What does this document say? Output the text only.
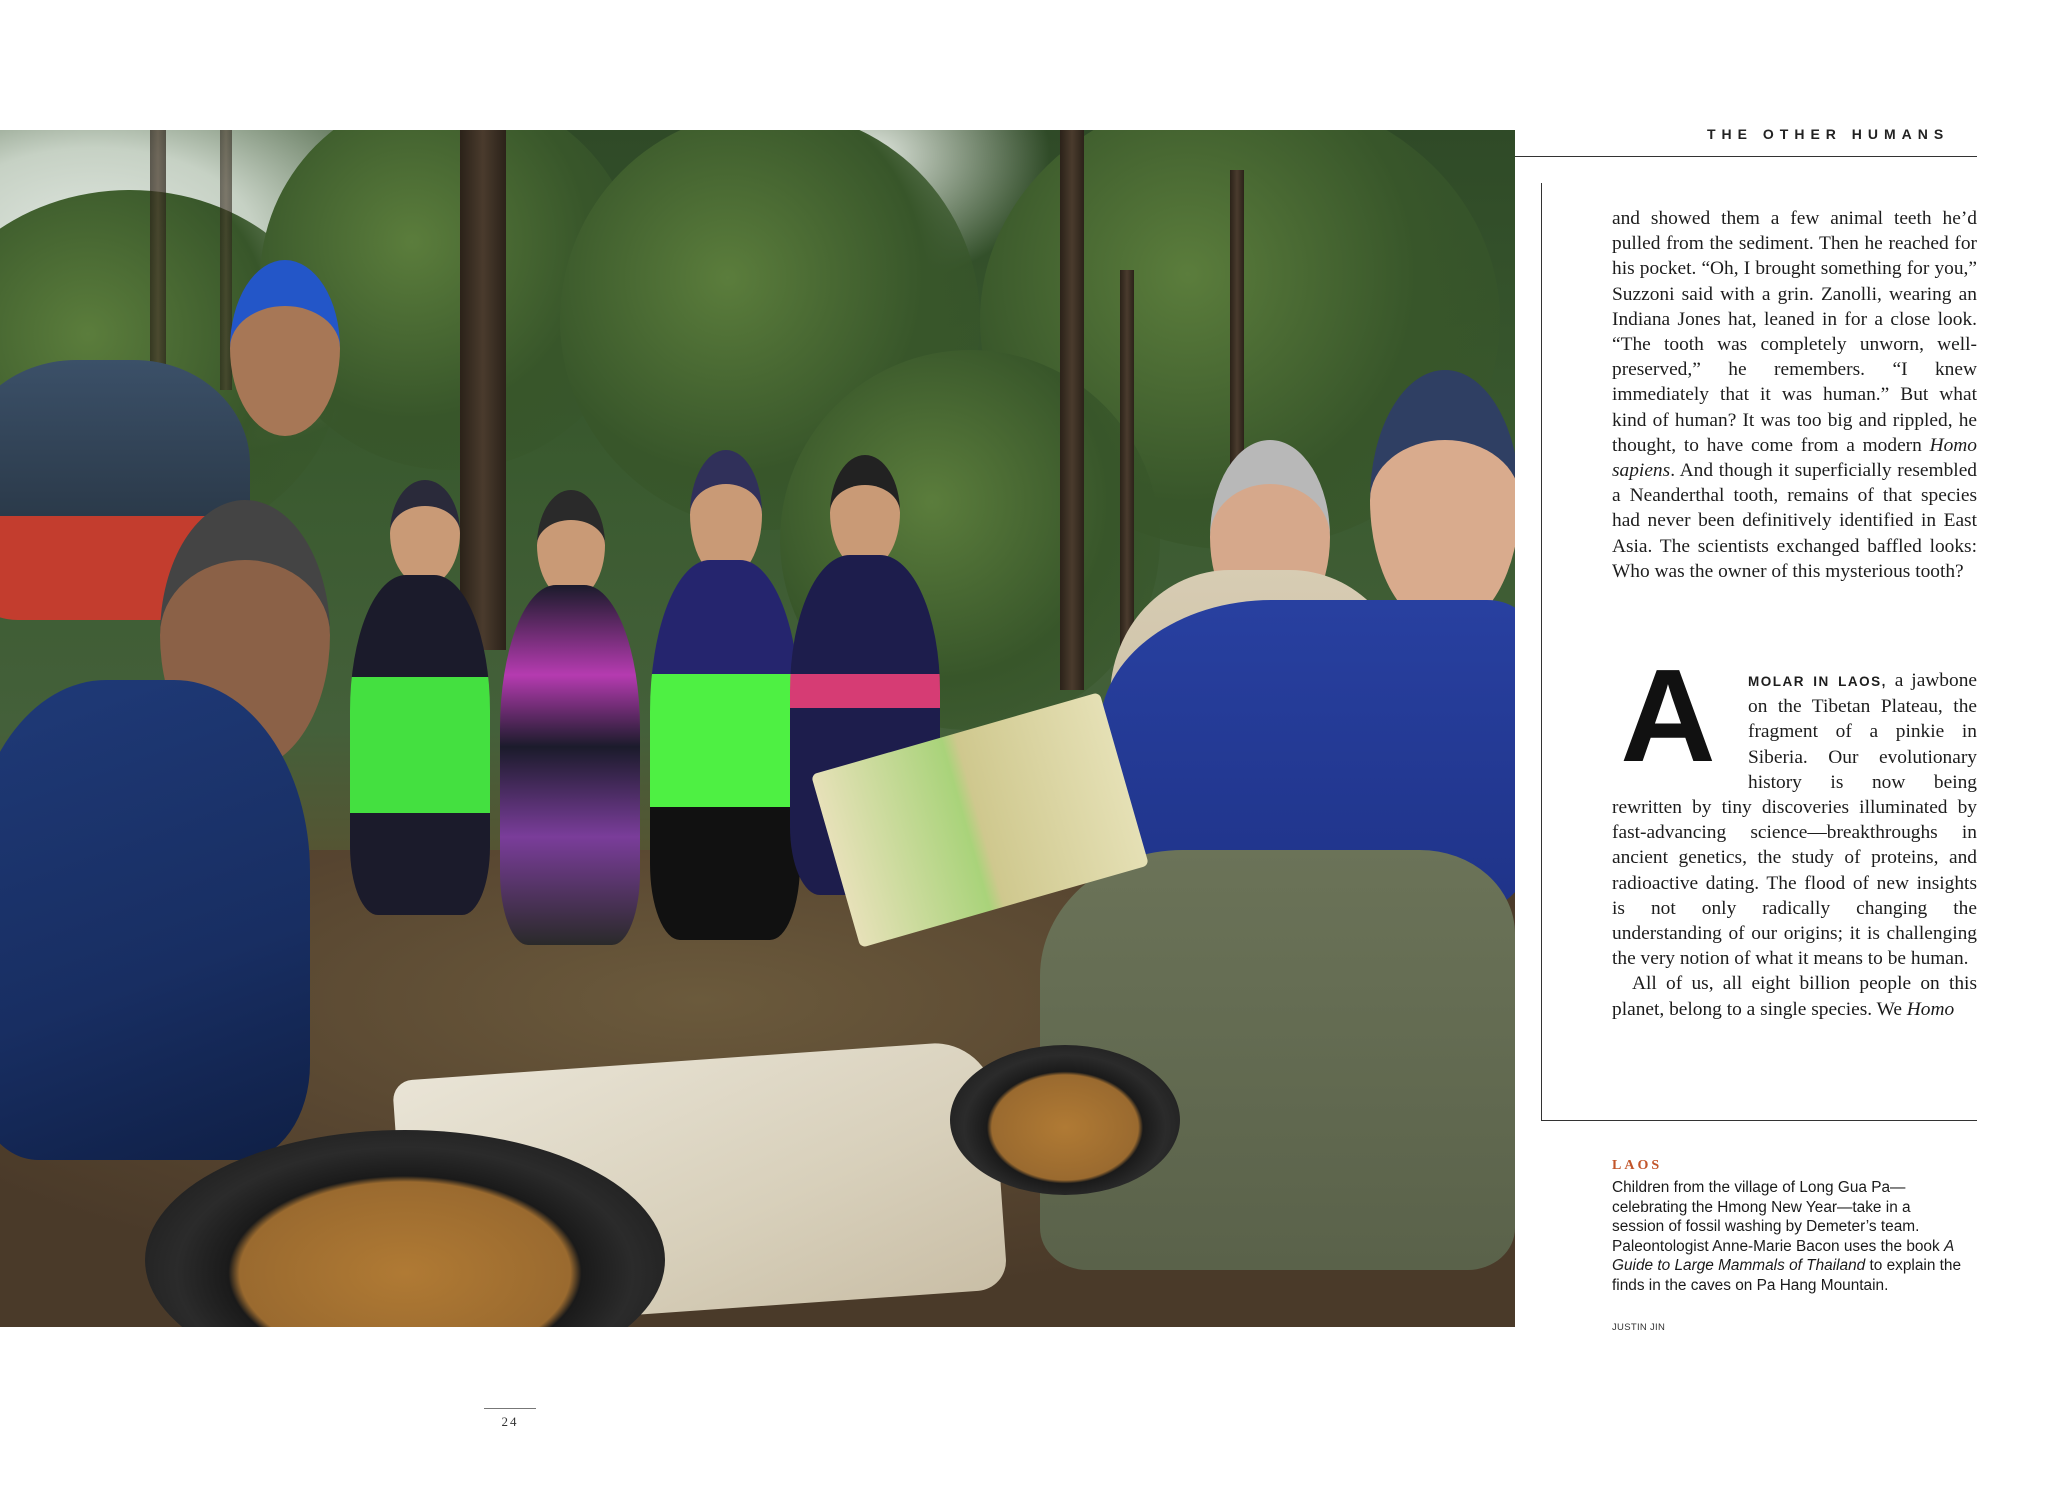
THE OTHER HUMANS

and showed them a few animal teeth he’d pulled from the sediment. Then he reached for his pocket. “Oh, I brought something for you,” Suzzoni said with a grin. Zanolli, wearing an Indiana Jones hat, leaned in for a close look. “The tooth was completely unworn, well-preserved,” he remembers. “I knew immediately that it was human.” But what kind of human? It was too big and rippled, he thought, to have come from a modern Homo sapiens. And though it superficially resembled a Neanderthal tooth, remains of that species had never been definitively identified in East Asia. The scientists exchanged baffled looks: Who was the owner of this mysterious tooth?

A	MOLAR IN LAOS, a jawbone on the Tibetan Plateau, the fragment of a pinkie in Siberia. Our evolutionary history is now being rewritten by tiny discoveries illuminated by fast-advancing science—breakthroughs in ancient genetics, the study of proteins, and radioactive dating. The flood of new insights is not only radically changing the understanding of our origins; it is challenging the very notion of what it means to be human.

All of us, all eight billion people on this planet, belong to a single species. We Homo

LAOS
Children from the village of Long Gua Pa—celebrating the Hmong New Year—take in a session of fossil washing by Demeter’s team. Paleontologist Anne-Marie Bacon uses the book A Guide to Large Mammals of Thailand to explain the finds in the caves on Pa Hang Mountain.
JUSTIN JIN
24
